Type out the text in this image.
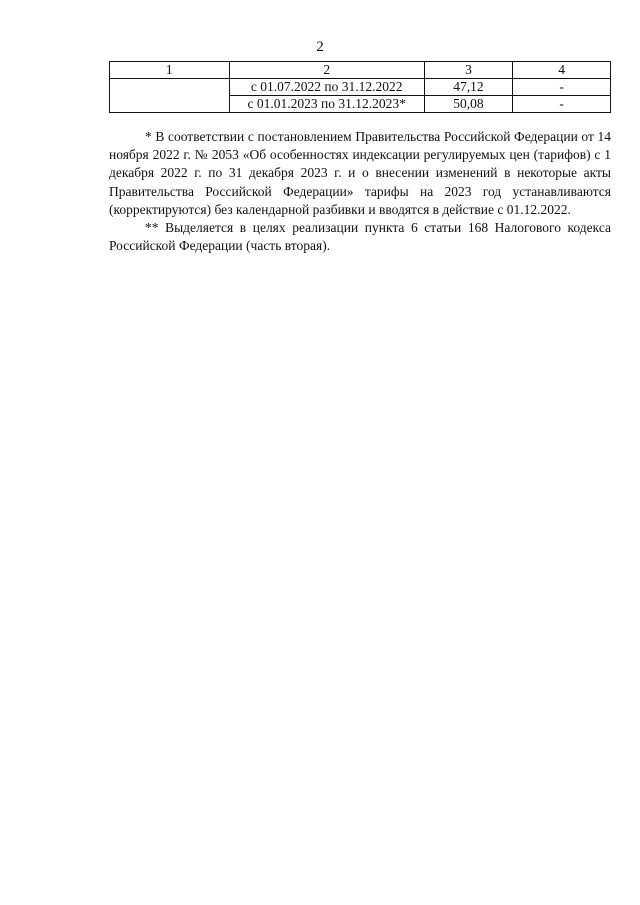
2
1	2	3	4
	с 01.07.2022 по 31.12.2022	47,12	-
	с 01.01.2023 по 31.12.2023*	50,08	-

* В соответствии с постановлением Правительства Российской Федерации от 14 ноября 2022 г. № 2053 «Об особенностях индексации регулируемых цен (тарифов) с 1 декабря 2022 г. по 31 декабря 2023 г. и о внесении изменений в некоторые акты Правительства Российской Федерации» тарифы на 2023 год устанавливаются (корректируются) без календарной разбивки и вводятся в действие с 01.12.2022.

** Выделяется в целях реализации пункта 6 статьи 168 Налогового кодекса Российской Федерации (часть вторая).
